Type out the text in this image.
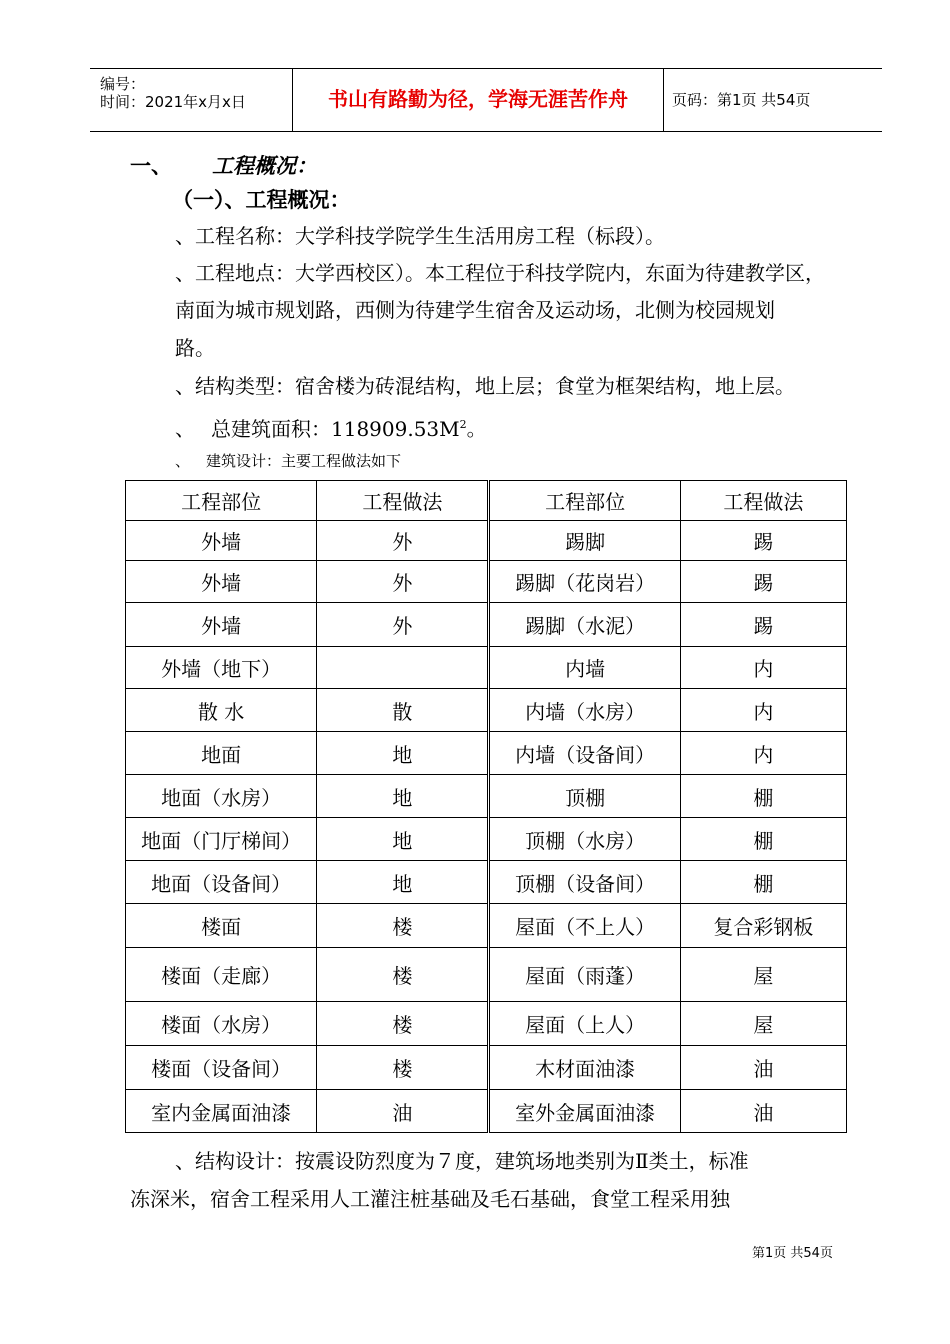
编号：
时间：2021年x月x日	书山有路勤为径，学海无涯苦作舟	页码：第1页 共54页
一、 工程概况：
（一）、工程概况：
、工程名称：大学科技学院学生生活用房工程（标段）。
、工程地点：大学西校区）。本工程位于科技学院内，东面为待建教学区，
南面为城市规划路，西侧为待建学生宿舍及运动场，北侧为校园规划
路。
、结构类型：宿舍楼为砖混结构，地上层；食堂为框架结构，地上层。
、 总建筑面积：$118909.53M^2$。
、 建筑设计：主要工程做法如下
工程部位	工程做法	工程部位	工程做法
外墙	外	踢脚	踢
外墙	外	踢脚（花岗岩）	踢
外墙	外	踢脚（水泥）	踢
外墙（地下）		内墙	内
散 水	散	内墙（水房）	内
地面	地	内墙（设备间）	内
地面（水房）	地	顶棚	棚
地面（门厅梯间）	地	顶棚（水房）	棚
地面（设备间）	地	顶棚（设备间）	棚
楼面	楼	屋面（不上人）	复合彩钢板
楼面（走廊）	楼	屋面（雨蓬）	屋
楼面（水房）	楼	屋面（上人）	屋
楼面（设备间）	楼	木材面油漆	油
室内金属面油漆	油	室外金属面油漆	油
、结构设计：按震设防烈度为７度，建筑场地类别为Ⅱ类土，标准
冻深米，宿舍工程采用人工灌注桩基础及毛石基础，食堂工程采用独
第1页 共54页
